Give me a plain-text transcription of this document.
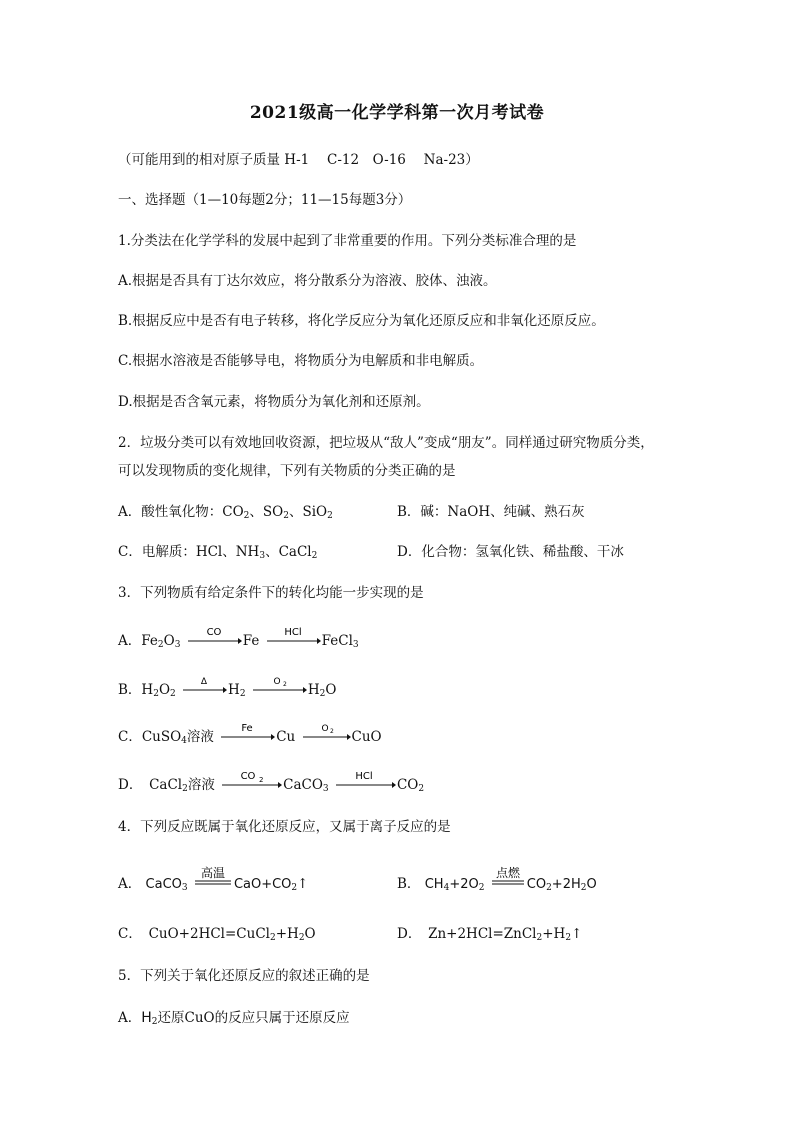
2021级高一化学学科第一次月考试卷
（可能用到的相对原子质量 H-1　 C-12　O-16　 Na-23）
一、选择题（1—10每题2分；11—15每题3分）
1.分类法在化学学科的发展中起到了非常重要的作用。下列分类标准合理的是
A.根据是否具有丁达尔效应，将分散系分为溶液、胶体、浊液。
B.根据反应中是否有电子转移，将化学反应分为氧化还原反应和非氧化还原反应。
C.根据水溶液是否能够导电，将物质分为电解质和非电解质。
D.根据是否含氧元素，将物质分为氧化剂和还原剂。
2．垃圾分类可以有效地回收资源，把垃圾从“敌人”变成“朋友”。同样通过研究物质分类，
可以发现物质的变化规律，下列有关物质的分类正确的是
A．酸性氧化物：$CO_2$、$SO_2$、SiO$_2$	B．碱：NaOH、纯碱、熟石灰
C．电解质：HCl、$NH_3$、CaCl$_2$	D．化合物：氢氧化铁、稀盐酸、干冰
3．下列物质有给定条件下的转化均能一步实现的是
A．$Fe_2O_3$
CO
Fe
HCl
FeCl$_3$
B．$H_2O_2$
Δ $H_2$
O 2 $H_2O$
C．CuSO$_4$溶液
Fe
Cu	O 2 CuO
D．　CaCl$_2$溶液
CO 2 CaCO$_3$
HCl
$CO_2$
4．下列反应既属于氧化还原反应，又属于离子反应的是
A． CaCO$_3$
高温
$CaO+CO_2↑$	B． $CH_4+2O_2$
点燃
$CO_2+2H_2O$
C．　$CuO+2HCl=CuCl_2+H_2O$	D．　$Zn+2HCl=ZnCl_2+H_2↑$
5．下列关于氧化还原反应的叙述正确的是
A．$H_2$还原CuO的反应只属于还原反应
